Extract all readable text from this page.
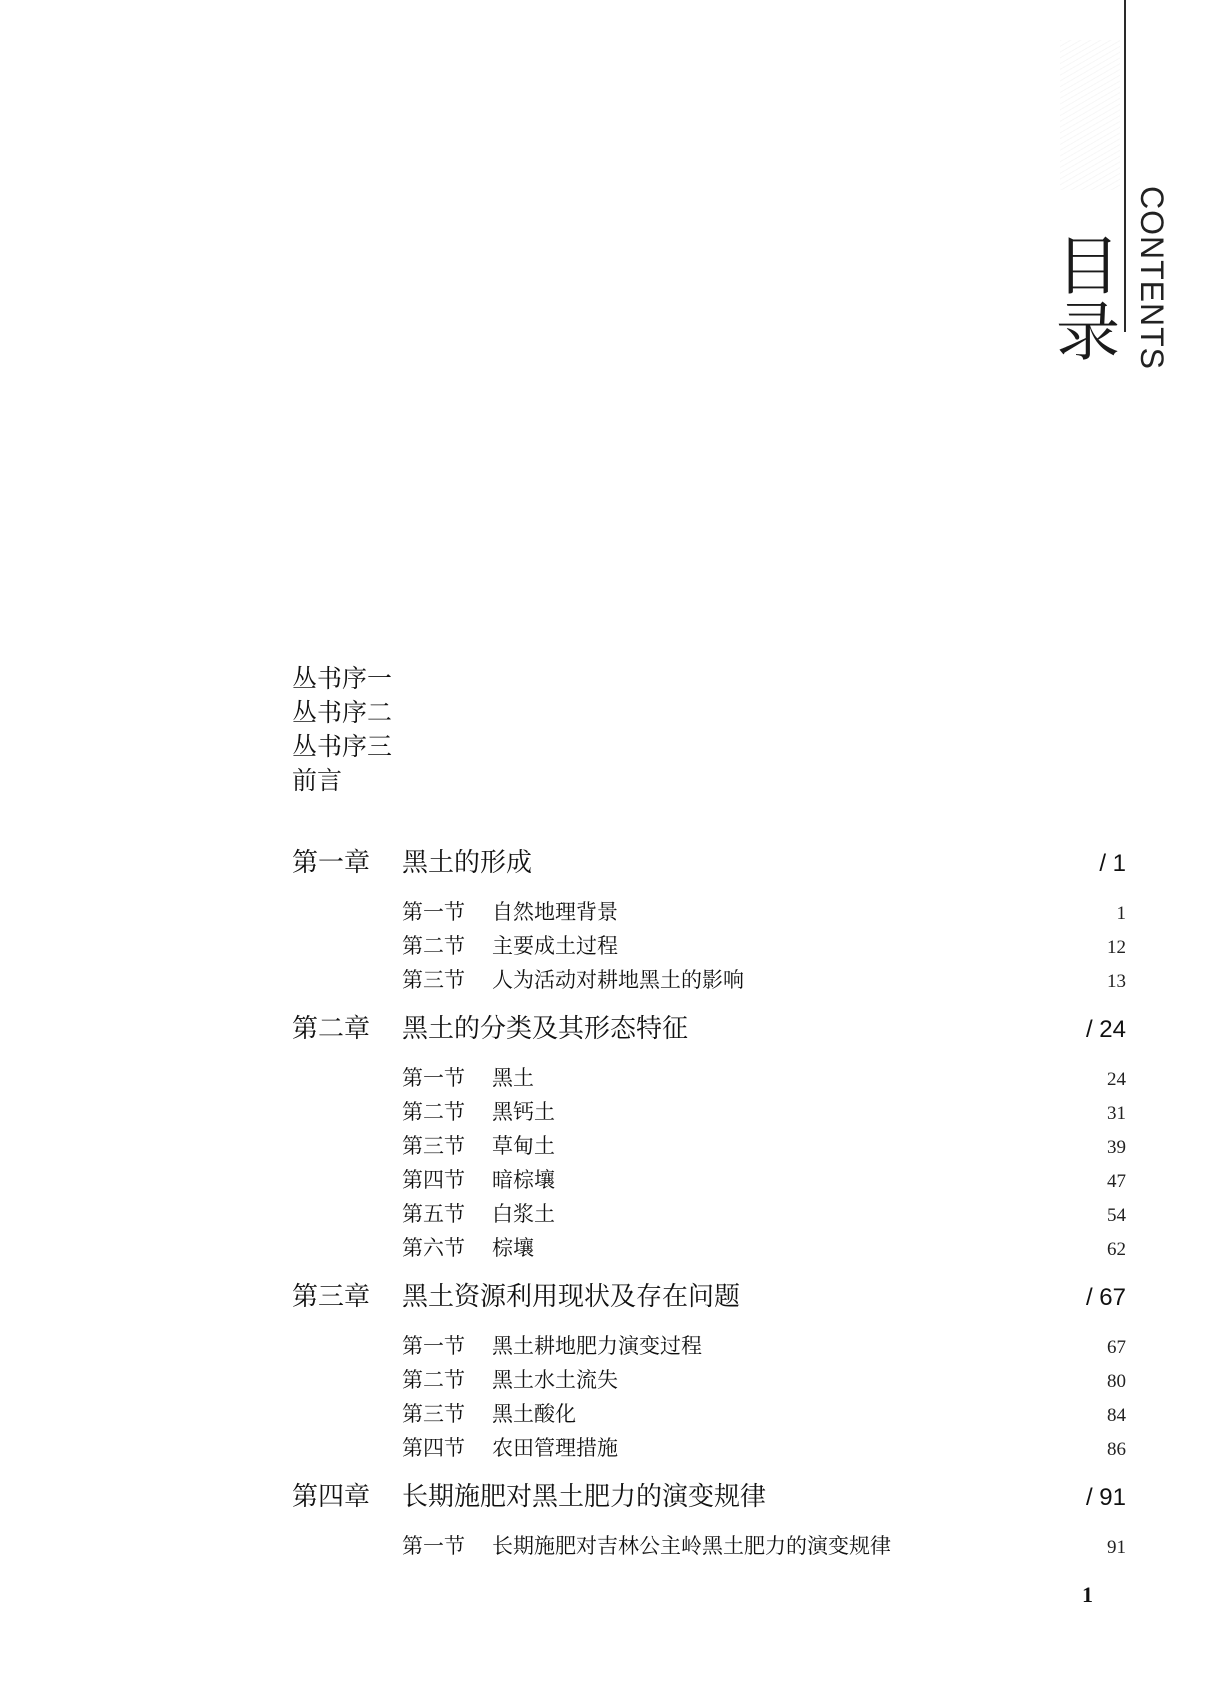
CONTENTS
目录
丛书序一
丛书序二
丛书序三
前言
第一章	黑土的形成	/ 1
第一节	自然地理背景	1
第二节	主要成土过程	12
第三节	人为活动对耕地黑土的影响	13
第二章	黑土的分类及其形态特征	/ 24
第一节	黑土	24
第二节	黑钙土	31
第三节	草甸土	39
第四节	暗棕壤	47
第五节	白浆土	54
第六节	棕壤	62
第三章	黑土资源利用现状及存在问题	/ 67
第一节	黑土耕地肥力演变过程	67
第二节	黑土水土流失	80
第三节	黑土酸化	84
第四节	农田管理措施	86
第四章	长期施肥对黑土肥力的演变规律	/ 91
第一节	长期施肥对吉林公主岭黑土肥力的演变规律	91
1
